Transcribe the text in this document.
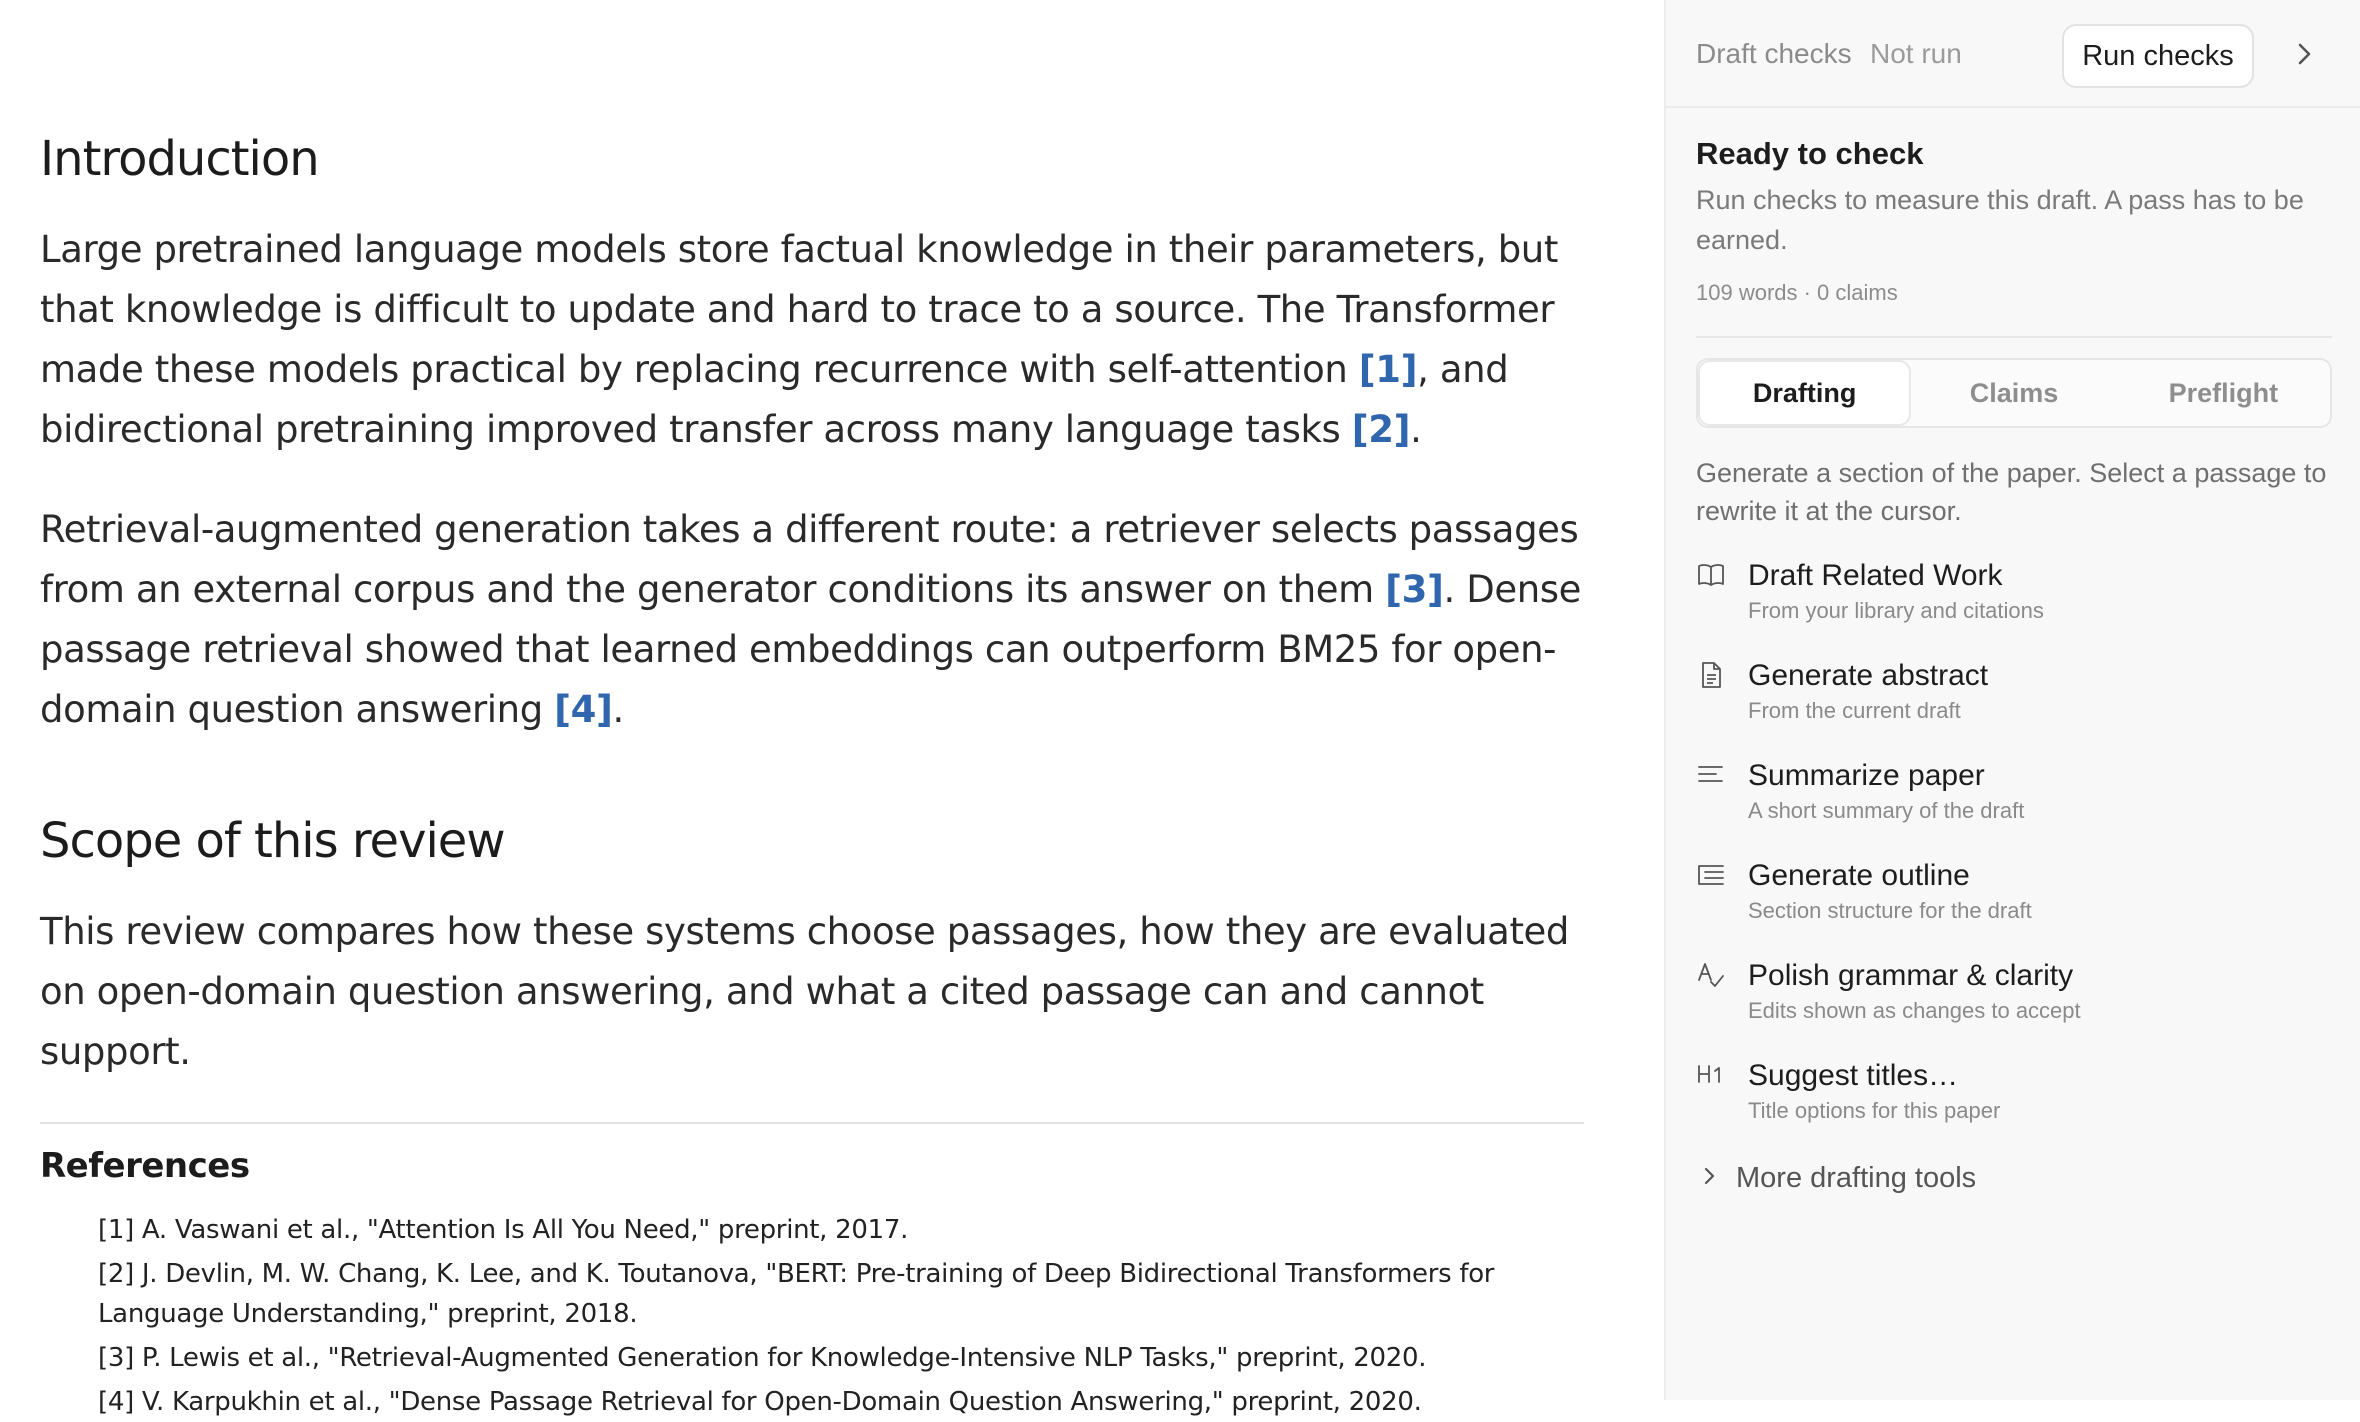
Introduction

Large pretrained language models store factual knowledge in their parameters, but that knowledge is difficult to update and hard to trace to a source. The Transformer made these models practical by replacing recurrence with self-attention [1], and bidirectional pretraining improved transfer across many language tasks [2].

Retrieval-augmented generation takes a different route: a retriever selects passages from an external corpus and the generator conditions its answer on them [3]. Dense passage retrieval showed that learned embeddings can outperform BM25 for open-domain question answering [4].

Scope of this review

This review compares how these systems choose passages, how they are evaluated on open-domain question answering, and what a cited passage can and cannot support.

References
[1] A. Vaswani et al., "Attention Is All You Need," preprint, 2017.
[2] J. Devlin, M. W. Chang, K. Lee, and K. Toutanova, "BERT: Pre-training of Deep Bidirectional Transformers for Language Understanding," preprint, 2018.
[3] P. Lewis et al., "Retrieval-Augmented Generation for Knowledge-Intensive NLP Tasks," preprint, 2020.
[4] V. Karpukhin et al., "Dense Passage Retrieval for Open-Domain Question Answering," preprint, 2020.
Draft checks Not run	Run checks
Ready to check

Run checks to measure this draft. A pass has to be earned.

109 words · 0 claims
Drafting	Claims	Preflight
Generate a section of the paper. Select a passage to rewrite it at the cursor.
Draft Related Work
From your library and citations
Generate abstract
From the current draft
Summarize paper
A short summary of the draft
Generate outline
Section structure for the draft
Polish grammar & clarity
Edits shown as changes to accept
Suggest titles…
Title options for this paper
More drafting tools
